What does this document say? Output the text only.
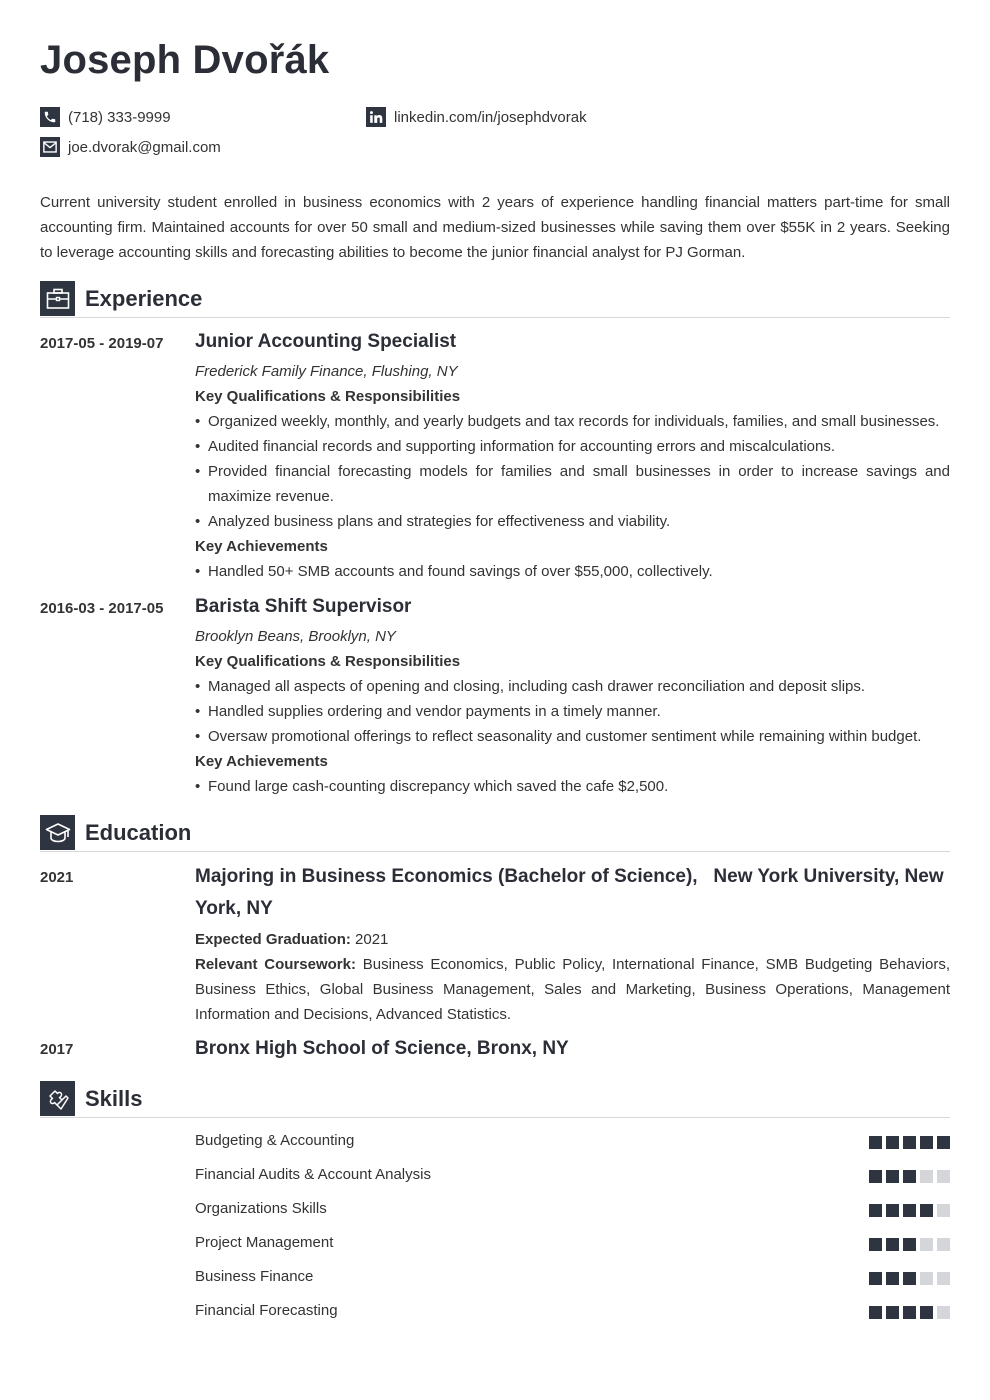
Joseph Dvořák
(718) 333-9999
joe.dvorak@gmail.com
linkedin.com/in/josephdvorak

Current university student enrolled in business economics with 2 years of experience handling financial matters part-time for small accounting firm. Maintained accounts for over 50 small and medium-sized businesses while saving them over $55K in 2 years. Seeking to leverage accounting skills and forecasting abilities to become the junior financial analyst for PJ Gorman.

Experience
2017-05 - 2019-07 Junior Accounting Specialist
Frederick Family Finance, Flushing, NY
Key Qualifications & Responsibilities
• Organized weekly, monthly, and yearly budgets and tax records for individuals, families, and small businesses.
• Audited financial records and supporting information for accounting errors and miscalculations.
• Provided financial forecasting models for families and small businesses in order to increase savings and maximize revenue.
• Analyzed business plans and strategies for effectiveness and viability.
Key Achievements
• Handled 50+ SMB accounts and found savings of over $55,000, collectively.
2016-03 - 2017-05 Barista Shift Supervisor
Brooklyn Beans, Brooklyn, NY
Key Qualifications & Responsibilities
• Managed all aspects of opening and closing, including cash drawer reconciliation and deposit slips.
• Handled supplies ordering and vendor payments in a timely manner.
• Oversaw promotional offerings to reflect seasonality and customer sentiment while remaining within budget.
Key Achievements
• Found large cash-counting discrepancy which saved the cafe $2,500.
Education
2021	Majoring in Business Economics (Bachelor of Science), New York University, New York, NY
Expected Graduation: 2021
Relevant Coursework: Business Economics, Public Policy, International Finance, SMB Budgeting Behaviors, Business Ethics, Global Business Management, Sales and Marketing, Business Operations, Management Information and Decisions, Advanced Statistics.
2017	Bronx High School of Science, Bronx, NY
Skills
Budgeting & Accounting
Financial Audits & Account Analysis
Organizations Skills
Project Management
Business Finance
Financial Forecasting
